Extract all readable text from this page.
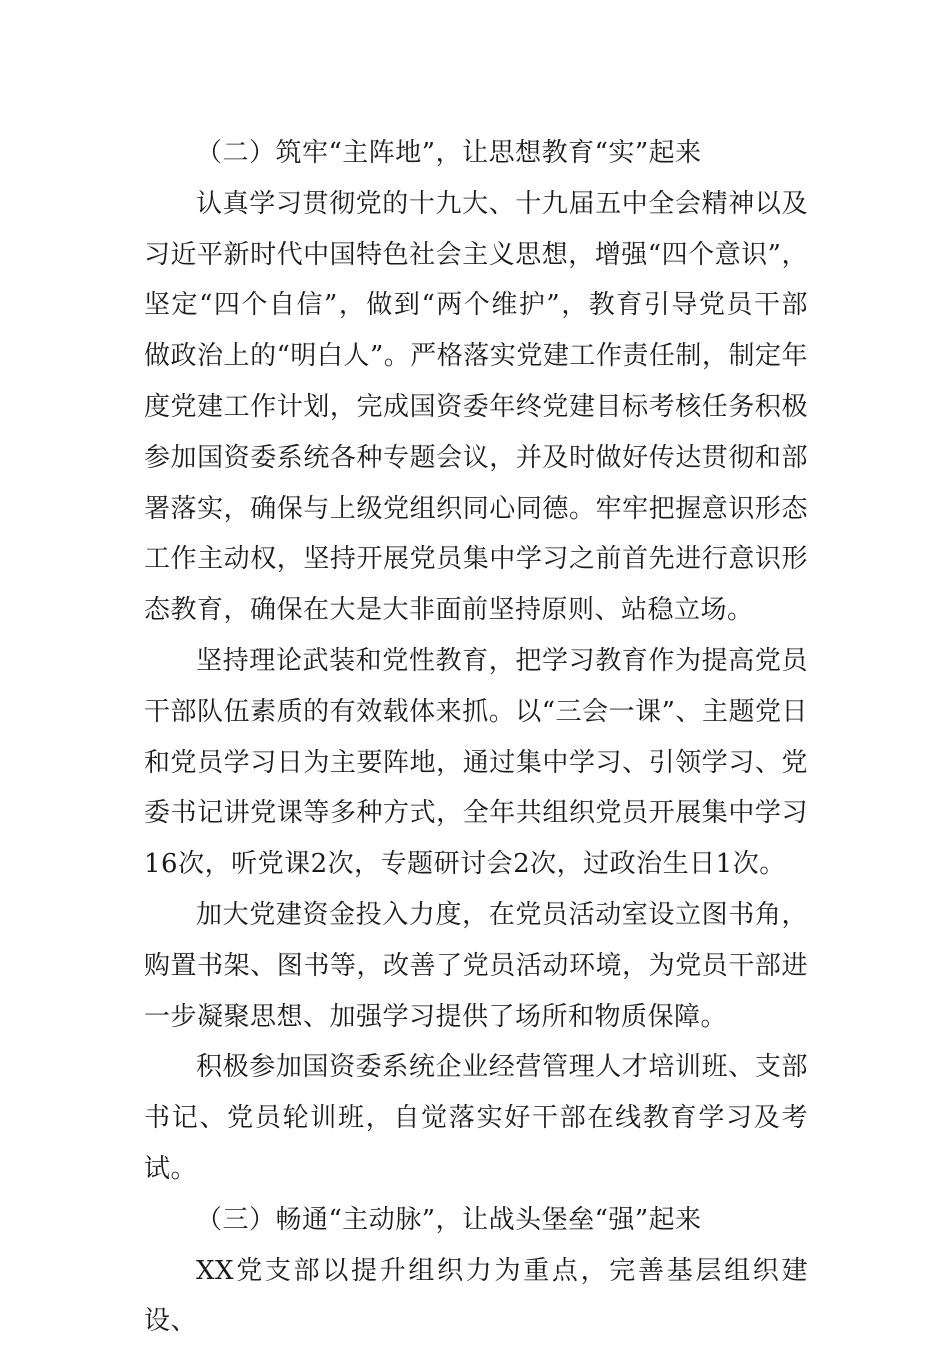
（二）筑牢“主阵地”，让思想教育“实”起来

认真学习贯彻党的十九大、十九届五中全会精神以及习近平新时代中国特色社会主义思想，增强“四个意识”，坚定“四个自信”，做到“两个维护”，教育引导党员干部做政治上的“明白人”。严格落实党建工作责任制，制定年度党建工作计划，完成国资委年终党建目标考核任务积极参加国资委系统各种专题会议，并及时做好传达贯彻和部署落实，确保与上级党组织同心同德。牢牢把握意识形态工作主动权，坚持开展党员集中学习之前首先进行意识形态教育，确保在大是大非面前坚持原则、站稳立场。

坚持理论武装和党性教育，把学习教育作为提高党员干部队伍素质的有效载体来抓。以“三会一课”、主题党日和党员学习日为主要阵地，通过集中学习、引领学习、党委书记讲党课等多种方式，全年共组织党员开展集中学习16次，听党课2次，专题研讨会2次，过政治生日1次。

加大党建资金投入力度，在党员活动室设立图书角，购置书架、图书等，改善了党员活动环境，为党员干部进一步凝聚思想、加强学习提供了场所和物质保障。

积极参加国资委系统企业经营管理人才培训班、支部书记、党员轮训班，自觉落实好干部在线教育学习及考试。

（三）畅通“主动脉”，让战头堡垒“强”起来

XX党支部以提升组织力为重点，完善基层组织建设、
